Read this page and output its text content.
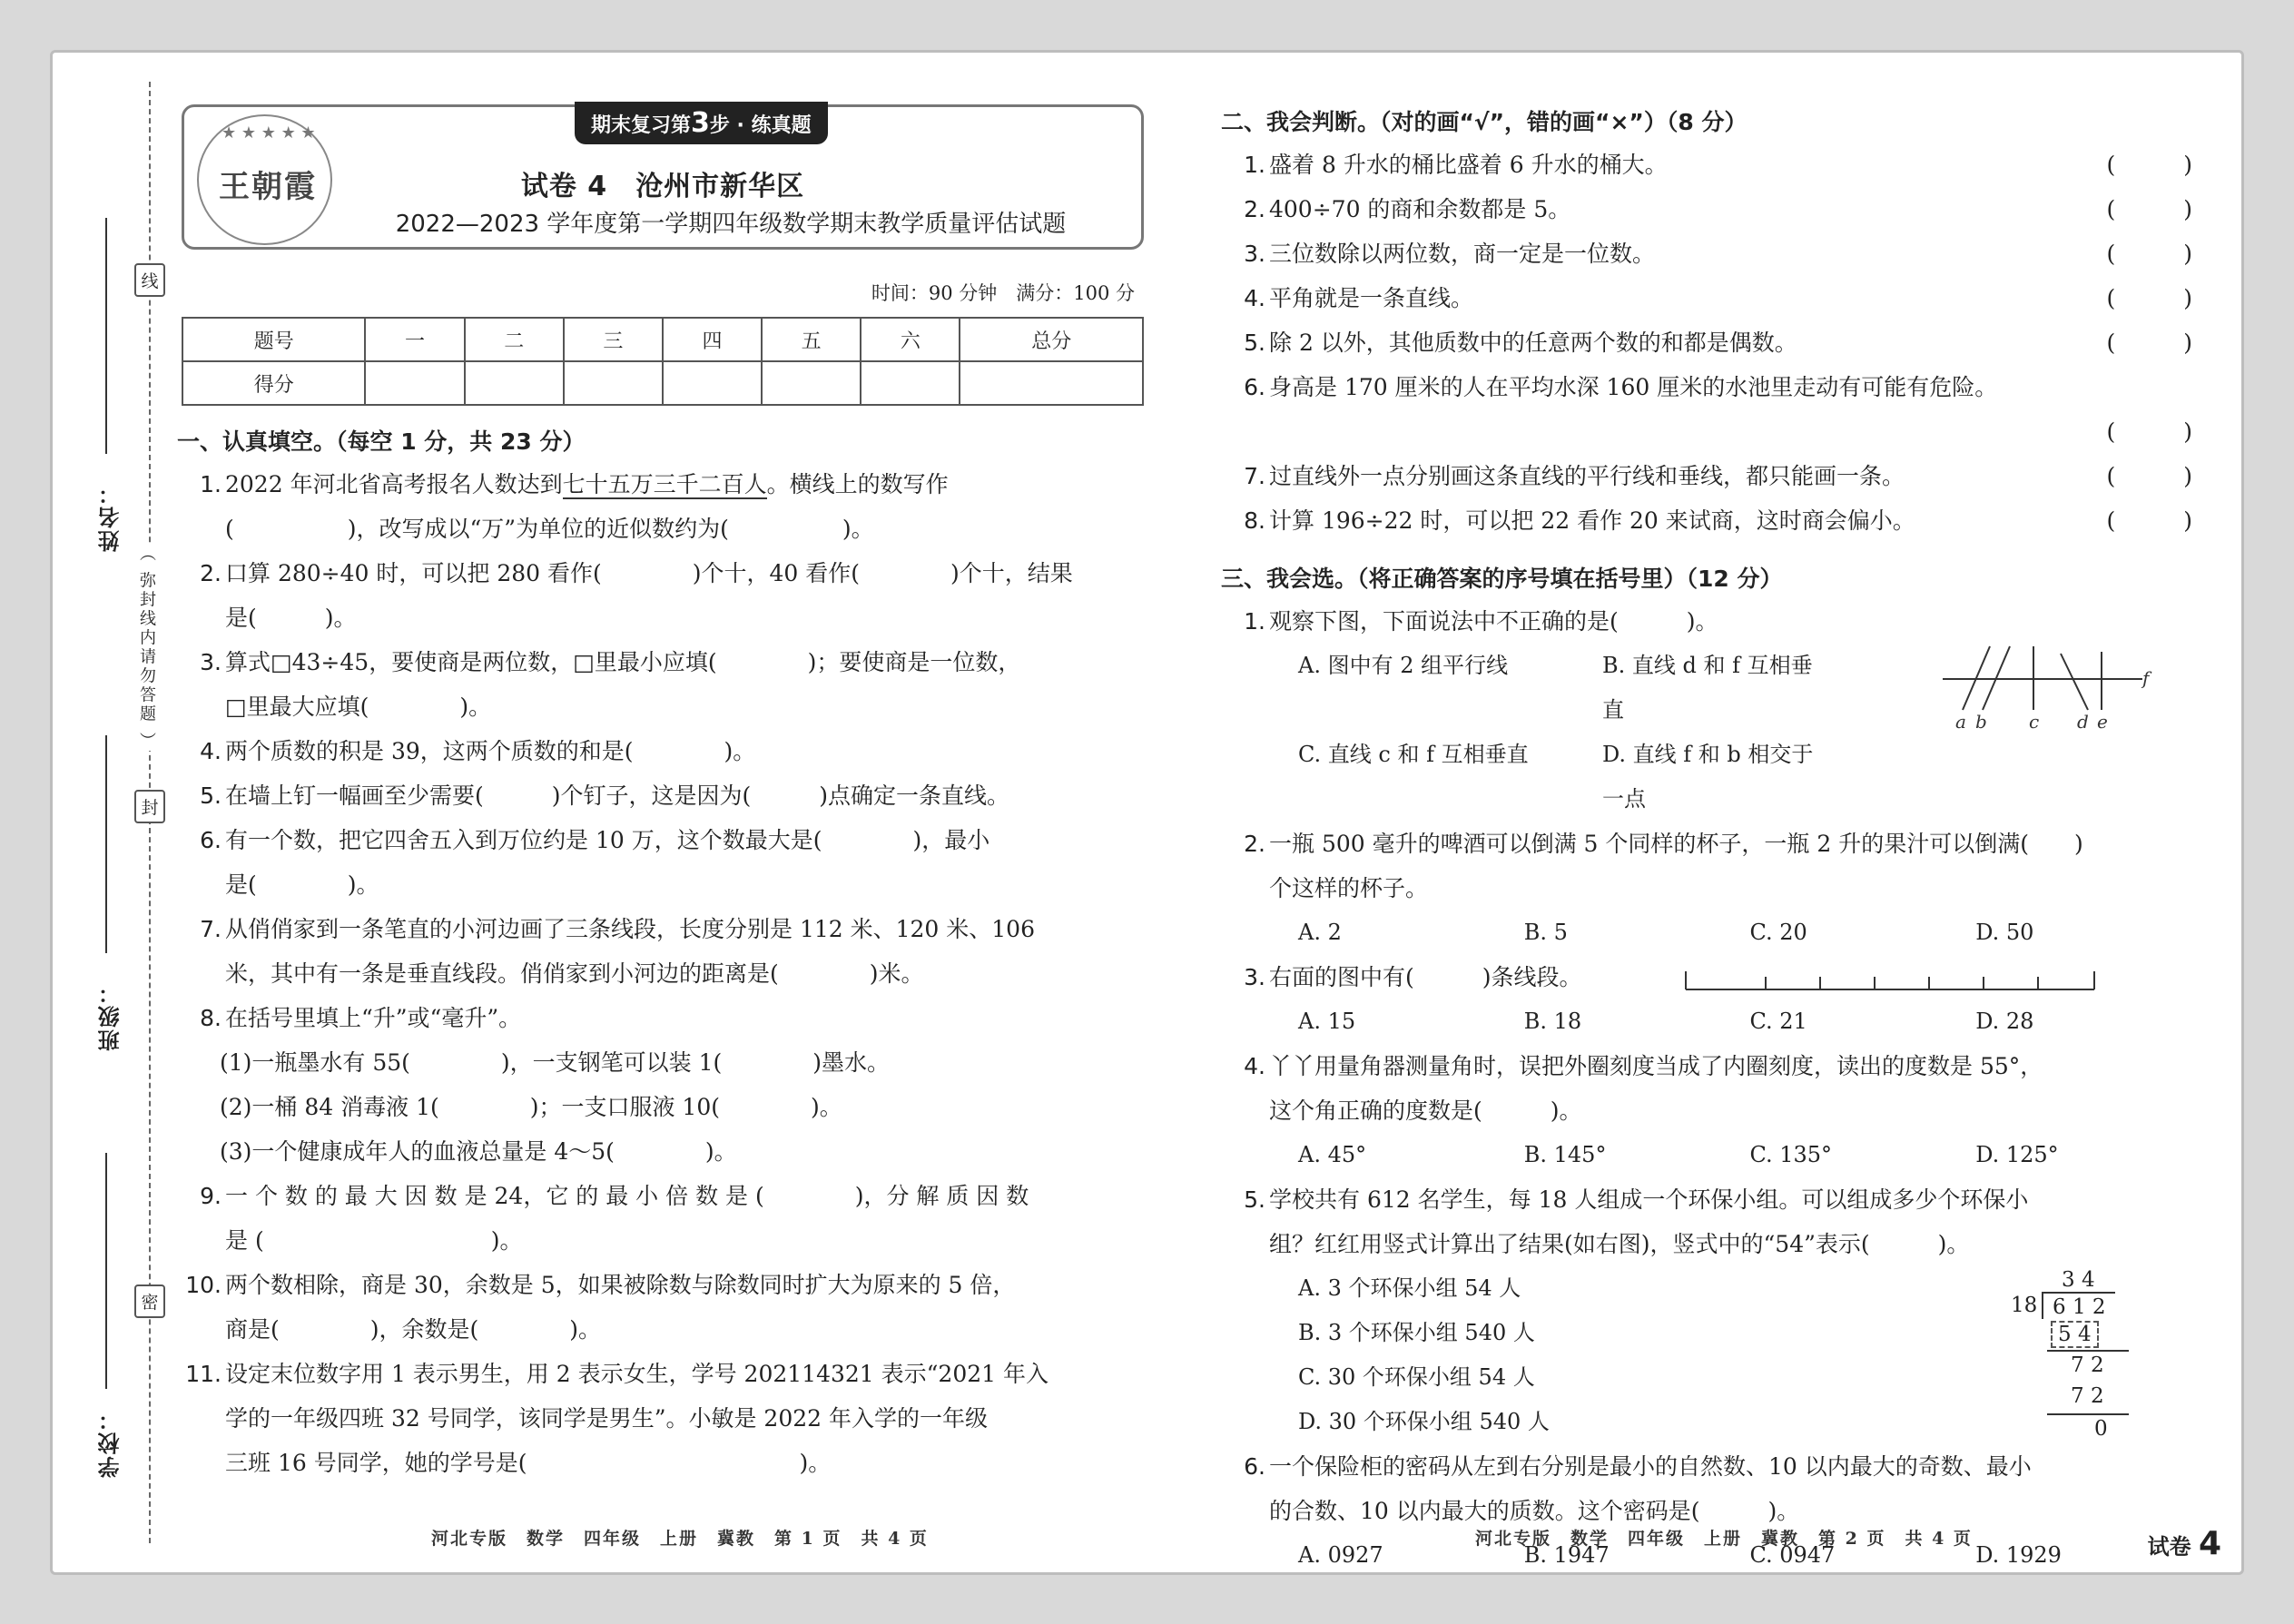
姓名：
班级：
学校：
线
（ 弥封线内请勿答题 ）
封
密
期末复习第3步 · 练真题
★ ★ ★ ★ ★
王朝霞	试卷 4　沧州市新华区
2022—2023 学年度第一学期四年级数学期末教学质量评估试题
时间：90 分钟　满分：100 分
题号	一	二	三	四	五	六	总分
得分							
一、认真填空。（每空 1 分，共 23 分）
1. 2022 年河北省高考报名人数达到七十五万三千二百人。横线上的数写作
(　　　　　)，改写成以“万”为单位的近似数约为(　　　　　)。
2. 口算 280÷40 时，可以把 280 看作(　　　　)个十，40 看作(　　　　)个十，结果
是(　　　)。
3. 算式□43÷45，要使商是两位数，□里最小应填(　　　　)；要使商是一位数，
□里最大应填(　　　　)。
4. 两个质数的积是 39，这两个质数的和是(　　　　)。
5. 在墙上钉一幅画至少需要(　　　)个钉子，这是因为(　　　)点确定一条直线。
6. 有一个数，把它四舍五入到万位约是 10 万，这个数最大是(　　　　)，最小
是(　　　　)。
7. 从俏俏家到一条笔直的小河边画了三条线段，长度分别是 112 米、120 米、106
米，其中有一条是垂直线段。俏俏家到小河边的距离是(　　　　)米。
8. 在括号里填上“升”或“毫升”。
(1)一瓶墨水有 55(　　　　)，一支钢笔可以装 1(　　　　)墨水。
(2)一桶 84 消毒液 1(　　　　)；一支口服液 10(　　　　)。
(3)一个健康成年人的血液总量是 4～5(　　　　)。
9. 一 个 数 的 最 大 因 数 是 24，它 的 最 小 倍 数 是 (　　　　)，分 解 质 因 数
是 (　　　　　　　　　　)。
10. 两个数相除，商是 30，余数是 5，如果被除数与除数同时扩大为原来的 5 倍，
商是(　　　　)，余数是(　　　　)。
11. 设定末位数字用 1 表示男生，用 2 表示女生，学号 202114321 表示“2021 年入
学的一年级四班 32 号同学，该同学是男生”。小敏是 2022 年入学的一年级
三班 16 号同学，她的学号是(　　　　　　　　　　　　)。
二、我会判断。（对的画“√”，错的画“×”）（8 分）
1. 盛着 8 升水的桶比盛着 6 升水的桶大。	(　　　)
2. 400÷70 的商和余数都是 5。	(　　　)
3. 三位数除以两位数，商一定是一位数。	(　　　)
4. 平角就是一条直线。	(　　　)
5. 除 2 以外，其他质数中的任意两个数的和都是偶数。	(　　　)
6. 身高是 170 厘米的人在平均水深 160 厘米的水池里走动有可能有危险。
(　　　)
7. 过直线外一点分别画这条直线的平行线和垂线，都只能画一条。	(　　　)
8. 计算 196÷22 时，可以把 22 看作 20 来试商，这时商会偏小。	(　　　)
三、我会选。（将正确答案的序号填在括号里）（12 分）
1. 观察下图，下面说法中不正确的是(　　　)。
A. 图中有 2 组平行线	B. 直线 d 和 f 互相垂直
C. 直线 c 和 f 互相垂直	D. 直线 f 和 b 相交于一点
a b c d e
f
2. 一瓶 500 毫升的啤酒可以倒满 5 个同样的杯子，一瓶 2 升的果汁可以倒满(　　)
个这样的杯子。
A. 2	B. 5	C. 20	D. 50
3. 右面的图中有(　　　)条线段。
A. 15	B. 18	C. 21	D. 28
4. 丫丫用量角器测量角时，误把外圈刻度当成了内圈刻度，读出的度数是 55°，
这个角正确的度数是(　　　)。
A. 45°	B. 145°	C. 135°	D. 125°
5. 学校共有 612 名学生，每 18 人组成一个环保小组。可以组成多少个环保小
组？红红用竖式计算出了结果(如右图)，竖式中的“54”表示(　　　)。
A. 3 个环保小组 54 人
B. 3 个环保小组 540 人
C. 30 个环保小组 54 人
D. 30 个环保小组 540 人
3 4
18 6 1 2
5 4
7 2
7 2
0
6. 一个保险柜的密码从左到右分别是最小的自然数、10 以内最大的奇数、最小
的合数、10 以内最大的质数。这个密码是(　　　)。
A. 0927	B. 1947	C. 0947	D. 1929
河北专版　数学　四年级　上册　冀教　第 1 页　共 4 页	河北专版　数学　四年级　上册　冀教　第 2 页　共 4 页	试卷 4
